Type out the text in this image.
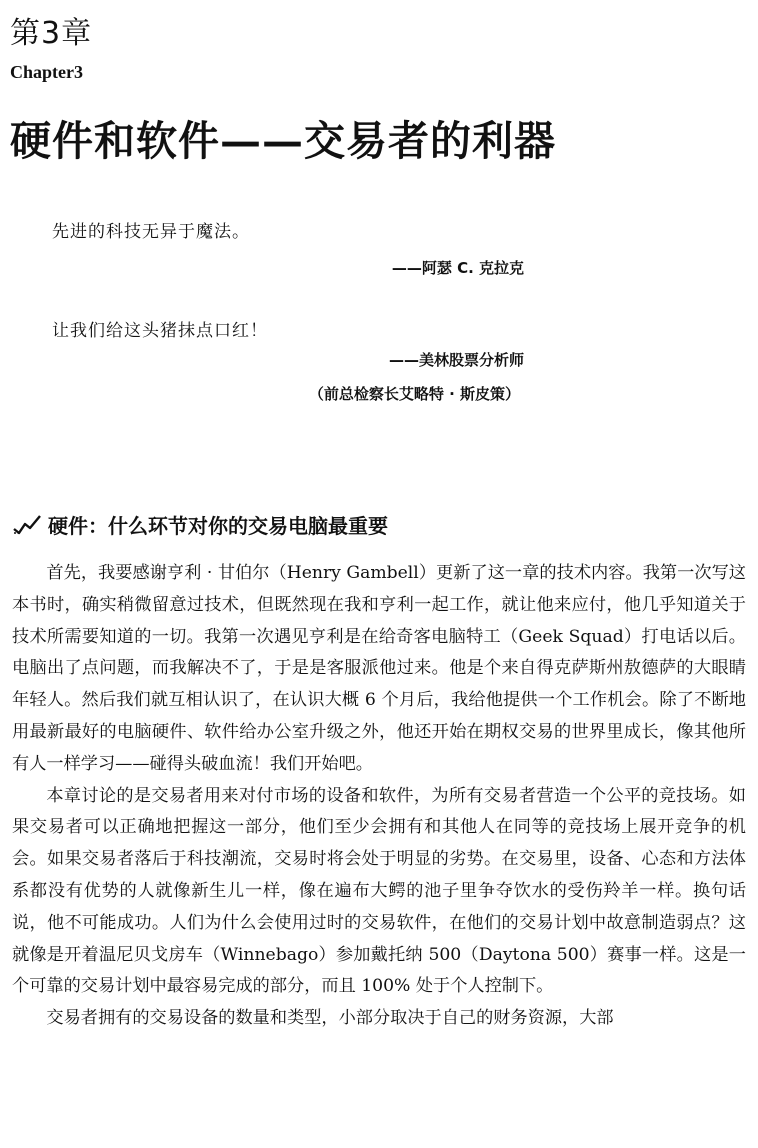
第3章
Chapter3
硬件和软件——交易者的利器
先进的科技无异于魔法。
——阿瑟 C. 克拉克
让我们给这头猪抹点口红！
——美林股票分析师
（前总检察长艾略特 · 斯皮策）
硬件：什么环节对你的交易电脑最重要

首先，我要感谢亨利 · 甘伯尔（Henry Gambell）更新了这一章的技术内容。我第一次写这本书时，确实稍微留意过技术，但既然现在我和亨利一起工作，就让他来应付，他几乎知道关于技术所需要知道的一切。我第一次遇见亨利是在给奇客电脑特工（Geek Squad）打电话以后。电脑出了点问题，而我解决不了，于是是客服派他过来。他是个来自得克萨斯州敖德萨的大眼睛年轻人。然后我们就互相认识了，在认识大概 6 个月后，我给他提供一个工作机会。除了不断地用最新最好的电脑硬件、软件给办公室升级之外，他还开始在期权交易的世界里成长，像其他所有人一样学习——碰得头破血流！我们开始吧。

本章讨论的是交易者用来对付市场的设备和软件，为所有交易者营造一个公平的竞技场。如果交易者可以正确地把握这一部分，他们至少会拥有和其他人在同等的竞技场上展开竞争的机会。如果交易者落后于科技潮流，交易时将会处于明显的劣势。在交易里，设备、心态和方法体系都没有优势的人就像新生儿一样，像在遍布大鳄的池子里争夺饮水的受伤羚羊一样。换句话说，他不可能成功。人们为什么会使用过时的交易软件，在他们的交易计划中故意制造弱点？这就像是开着温尼贝戈房车（Winnebago）参加戴托纳 500（Daytona 500）赛事一样。这是一个可靠的交易计划中最容易完成的部分，而且 100% 处于个人控制下。

交易者拥有的交易设备的数量和类型，小部分取决于自己的财务资源，大部
